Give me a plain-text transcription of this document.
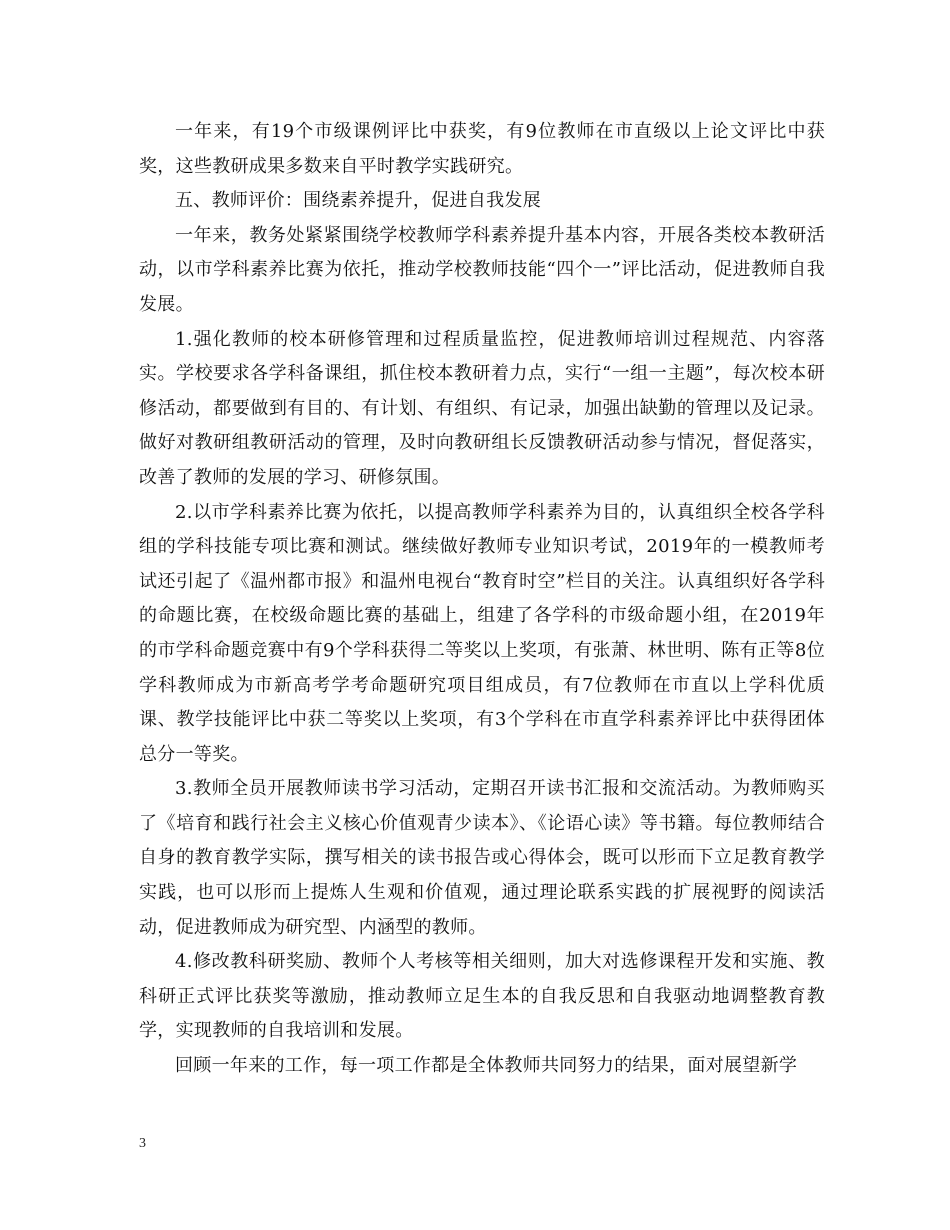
一年来，有19个市级课例评比中获奖，有9位教师在市直级以上论文评比中获奖，这些教研成果多数来自平时教学实践研究。

五、教师评价：围绕素养提升，促进自我发展

一年来，教务处紧紧围绕学校教师学科素养提升基本内容，开展各类校本教研活动，以市学科素养比赛为依托，推动学校教师技能“四个一”评比活动，促进教师自我发展。

1.强化教师的校本研修管理和过程质量监控，促进教师培训过程规范、内容落实。学校要求各学科备课组，抓住校本教研着力点，实行“一组一主题”，每次校本研修活动，都要做到有目的、有计划、有组织、有记录，加强出缺勤的管理以及记录。做好对教研组教研活动的管理，及时向教研组长反馈教研活动参与情况，督促落实，改善了教师的发展的学习、研修氛围。

2.以市学科素养比赛为依托，以提高教师学科素养为目的，认真组织全校各学科组的学科技能专项比赛和测试。继续做好教师专业知识考试，2019年的一模教师考试还引起了《温州都市报》和温州电视台“教育时空”栏目的关注。认真组织好各学科的命题比赛，在校级命题比赛的基础上，组建了各学科的市级命题小组，在2019年的市学科命题竞赛中有9个学科获得二等奖以上奖项，有张萧、林世明、陈有正等8位学科教师成为市新高考学考命题研究项目组成员，有7位教师在市直以上学科优质课、教学技能评比中获二等奖以上奖项，有3个学科在市直学科素养评比中获得团体总分一等奖。

3.教师全员开展教师读书学习活动，定期召开读书汇报和交流活动。为教师购买了《培育和践行社会主义核心价值观青少读本》、《论语心读》等书籍。每位教师结合自身的教育教学实际，撰写相关的读书报告或心得体会，既可以形而下立足教育教学实践，也可以形而上提炼人生观和价值观，通过理论联系实践的扩展视野的阅读活动，促进教师成为研究型、内涵型的教师。

4.修改教科研奖励、教师个人考核等相关细则，加大对选修课程开发和实施、教科研正式评比获奖等激励，推动教师立足生本的自我反思和自我驱动地调整教育教学，实现教师的自我培训和发展。

回顾一年来的工作，每一项工作都是全体教师共同努力的结果，面对展望新学

3
